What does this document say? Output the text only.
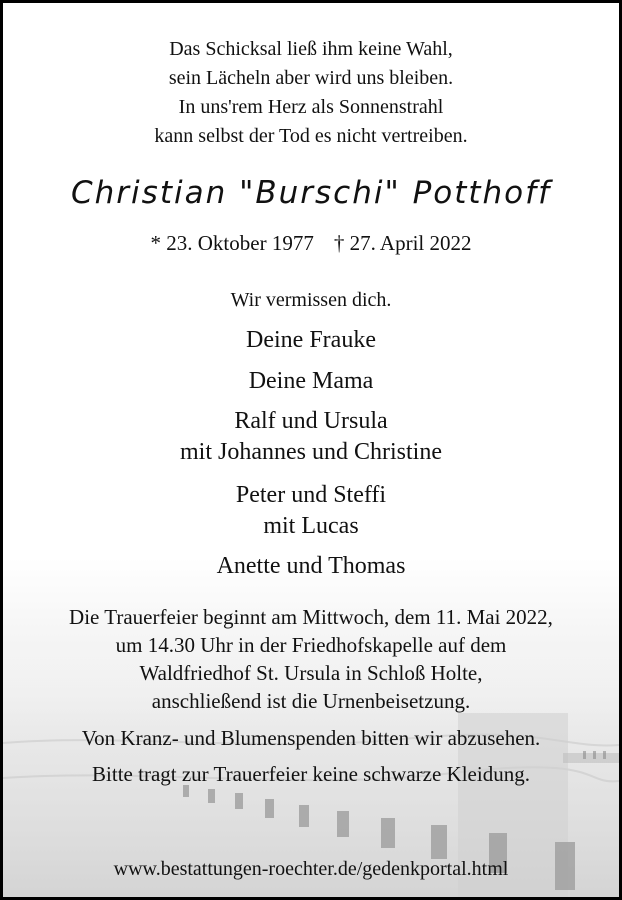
Das Schicksal ließ ihm keine Wahl,
sein Lächeln aber wird uns bleiben.
In uns'rem Herz als Sonnenstrahl
kann selbst der Tod es nicht vertreiben.
Christian "Burschi" Potthoff
* 23. Oktober 1977 † 27. April 2022
Wir vermissen dich.
Deine Frauke
Deine Mama
Ralf und Ursula
mit Johannes und Christine
Peter und Steffi
mit Lucas
Anette und Thomas
Die Trauerfeier beginnt am Mittwoch, dem 11. Mai 2022,
um 14.30 Uhr in der Friedhofskapelle auf dem
Waldfriedhof St. Ursula in Schloß Holte,
anschließend ist die Urnenbeisetzung.
Von Kranz- und Blumenspenden bitten wir abzusehen.
Bitte tragt zur Trauerfeier keine schwarze Kleidung.
www.bestattungen-roechter.de/gedenkportal.html
